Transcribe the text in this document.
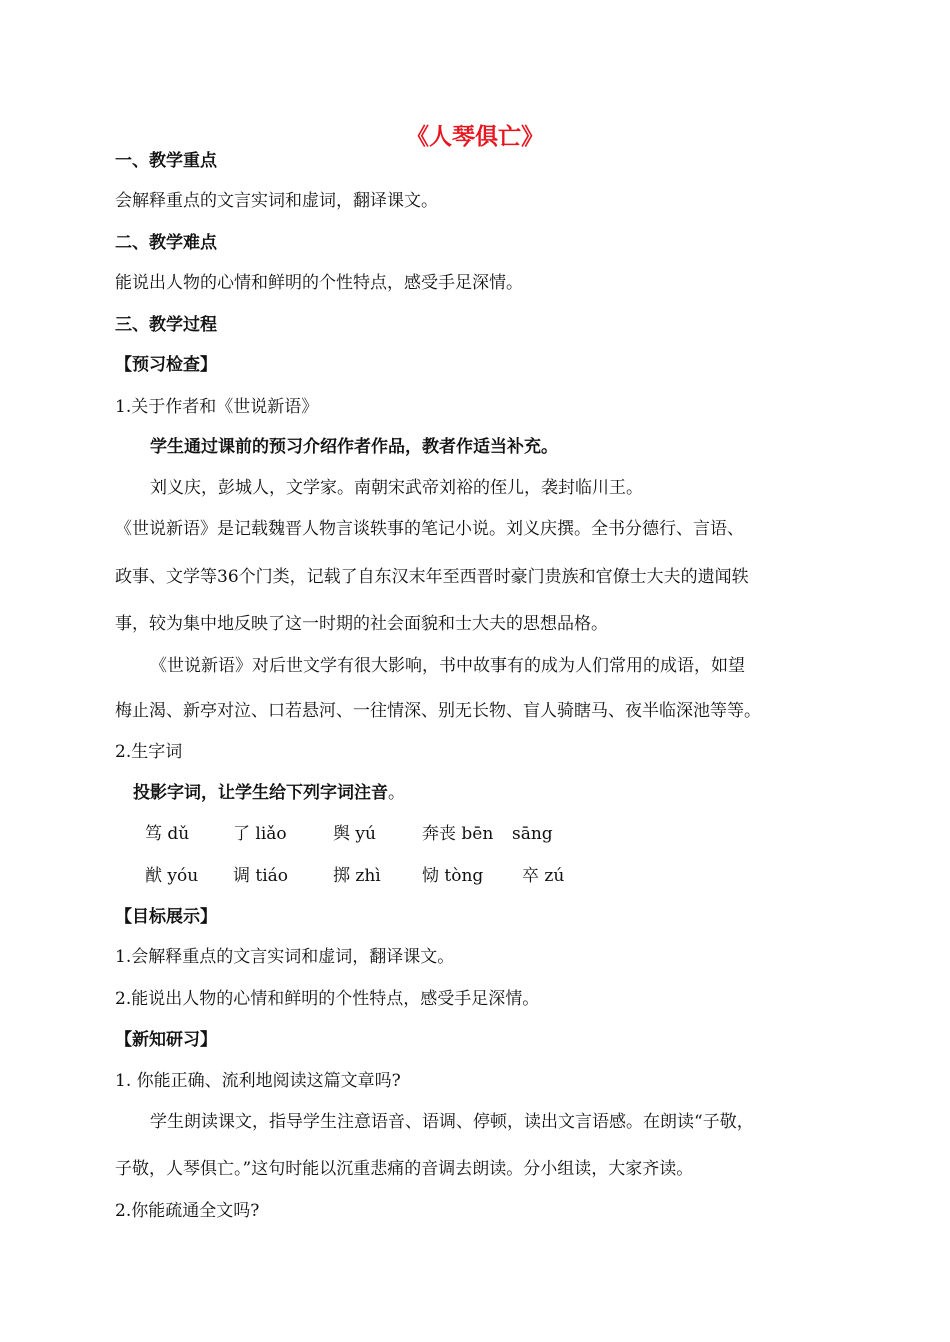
《人琴俱亡》
一、教学重点
会解释重点的文言实词和虚词，翻译课文。
二、教学难点
能说出人物的心情和鲜明的个性特点，感受手足深情。
三、教学过程
【预习检查】
1.关于作者和《世说新语》
学生通过课前的预习介绍作者作品，教者作适当补充。
刘义庆，彭城人，文学家。南朝宋武帝刘裕的侄儿，袭封临川王。
《世说新语》是记载魏晋人物言谈轶事的笔记小说。刘义庆撰。全书分德行、言语、
政事、文学等36个门类，记载了自东汉末年至西晋时豪门贵族和官僚士大夫的遗闻轶
事，较为集中地反映了这一时期的社会面貌和士大夫的思想品格。
《世说新语》对后世文学有很大影响，书中故事有的成为人们常用的成语，如望
梅止渴、新亭对泣、口若悬河、一往情深、别无长物、盲人骑瞎马、夜半临深池等等。
2.生字词
投影字词，让学生给下列字词注音。
笃 dǔ	了 liǎo	舆 yú	奔丧 bēn sāng
猷 yóu 调 tiáo	掷 zhì 恸 tòng 卒 zú
【目标展示】
1.会解释重点的文言实词和虚词，翻译课文。
2.能说出人物的心情和鲜明的个性特点，感受手足深情。
【新知研习】
1. 你能正确、流利地阅读这篇文章吗?
学生朗读课文，指导学生注意语音、语调、停顿，读出文言语感。在朗读“子敬，
子敬，人琴俱亡。”这句时能以沉重悲痛的音调去朗读。分小组读，大家齐读。
2.你能疏通全文吗?
